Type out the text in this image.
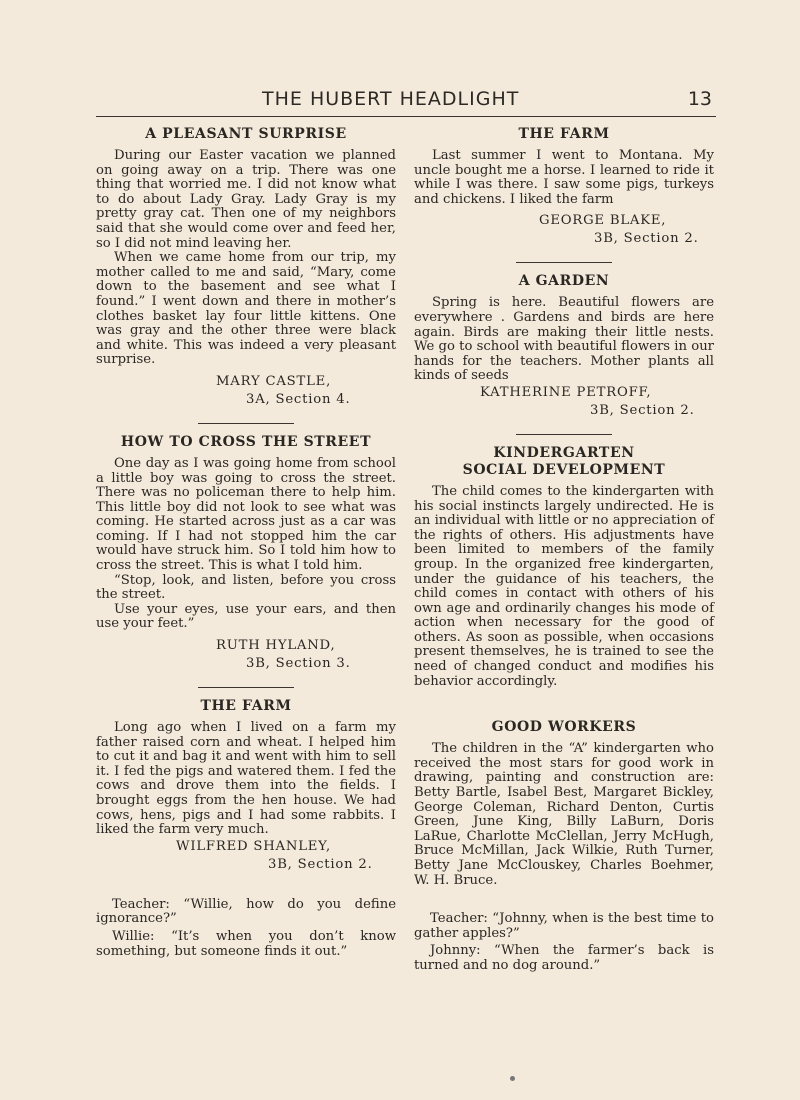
THE HUBERT HEADLIGHT	13
A PLEASANT SURPRISE

During our Easter vacation we planned on going away on a trip. There was one thing that worried me. I did not know what to do about Lady Gray. Lady Gray is my pretty gray cat. Then one of my neighbors said that she would come over and feed her, so I did not mind leaving her.

When we came home from our trip, my mother called to me and said, “Mary, come down to the basement and see what I found.” I went down and there in mother’s clothes basket lay four little kittens. One was gray and the other three were black and white. This was indeed a very pleasant surprise.

MARY CASTLE,
3A, Section 4.
HOW TO CROSS THE STREET

One day as I was going home from school a little boy was going to cross the street. There was no policeman there to help him. This little boy did not look to see what was coming. He started across just as a car was coming. If I had not stopped him the car would have struck him. So I told him how to cross the street. This is what I told him.

“Stop, look, and listen, before you cross the street.

Use your eyes, use your ears, and then use your feet.”

RUTH HYLAND,
3B, Section 3.
THE FARM

Long ago when I lived on a farm my father raised corn and wheat. I helped him to cut it and bag it and went with him to sell it. I fed the pigs and watered them. I fed the cows and drove them into the fields. I brought eggs from the hen house. We had cows, hens, pigs and I had some rabbits. I liked the farm very much.

WILFRED SHANLEY,
3B, Section 2.

Teacher: “Willie, how do you define ignorance?”

Willie: “It’s when you don’t know something, but someone finds it out.”

THE FARM

Last summer I went to Montana. My uncle bought me a horse. I learned to ride it while I was there. I saw some pigs, turkeys and chickens. I liked the farm

GEORGE BLAKE,
3B, Section 2.
A GARDEN

Spring is here. Beautiful flowers are everywhere . Gardens and birds are here again. Birds are making their little nests. We go to school with beautiful flowers in our hands for the teachers. Mother plants all kinds of seeds

KATHERINE PETROFF,
3B, Section 2.
KINDERGARTEN
SOCIAL DEVELOPMENT

The child comes to the kindergarten with his social instincts largely undirected. He is an individual with little or no appreciation of the rights of others. His adjustments have been limited to members of the family group. In the organized free kindergarten, under the guidance of his teachers, the child comes in contact with others of his own age and ordinarily changes his mode of action when necessary for the good of others. As soon as possible, when occasions present themselves, he is trained to see the need of changed conduct and modifies his behavior accordingly.

GOOD WORKERS

The children in the “A” kindergarten who received the most stars for good work in drawing, painting and construction are: Betty Bartle, Isabel Best, Margaret Bickley, George Coleman, Richard Denton, Curtis Green, June King, Billy LaBurn, Doris LaRue, Charlotte McClellan, Jerry McHugh, Bruce McMillan, Jack Wilkie, Ruth Turner, Betty Jane McClouskey, Charles Boehmer, W. H. Bruce.

Teacher: “Johnny, when is the best time to gather apples?”

Johnny: “When the farmer’s back is turned and no dog around.”
